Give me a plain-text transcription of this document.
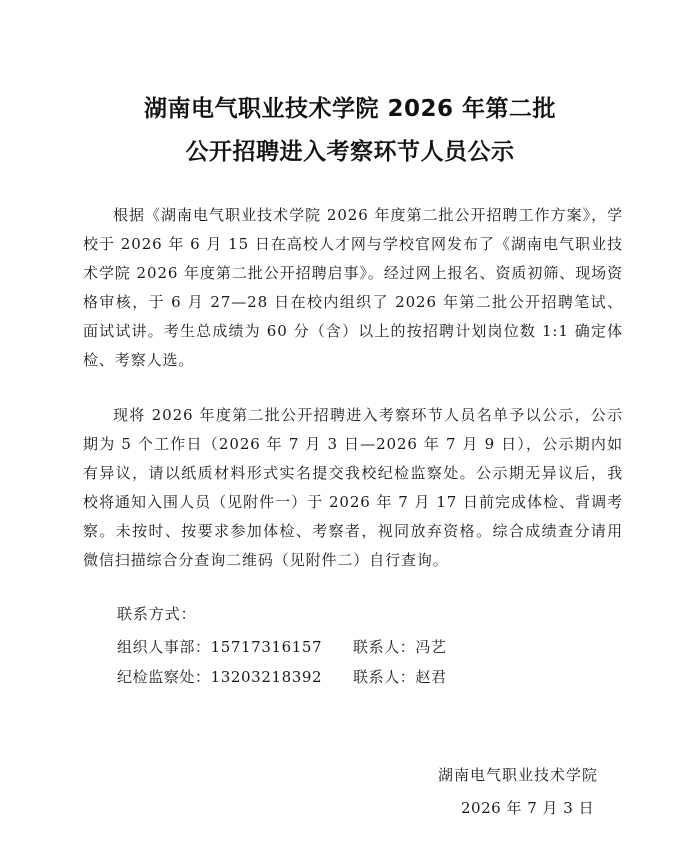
湖南电气职业技术学院 2026 年第二批
公开招聘进入考察环节人员公示

根据《湖南电气职业技术学院 2026 年度第二批公开招聘工作方案》，学校于 2026 年 6 月 15 日在高校人才网与学校官网发布了《湖南电气职业技术学院 2026 年度第二批公开招聘启事》。经过网上报名、资质初筛、现场资格审核，于 6 月 27—28 日在校内组织了 2026 年第二批公开招聘笔试、面试试讲。考生总成绩为 60 分（含）以上的按招聘计划岗位数 1:1 确定体检、考察人选。

现将 2026 年度第二批公开招聘进入考察环节人员名单予以公示，公示期为 5 个工作日（2026 年 7 月 3 日—2026 年 7 月 9 日），公示期内如有异议，请以纸质材料形式实名提交我校纪检监察处。公示期无异议后，我校将通知入围人员（见附件一）于 2026 年 7 月 17 日前完成体检、背调考察。未按时、按要求参加体检、考察者，视同放弃资格。综合成绩查分请用微信扫描综合分查询二维码（见附件二）自行查询。

联系方式：
组织人事部：15717316157 联系人：冯艺
纪检监察处：13203218392 联系人：赵君
湖南电气职业技术学院
2026 年 7 月 3 日
